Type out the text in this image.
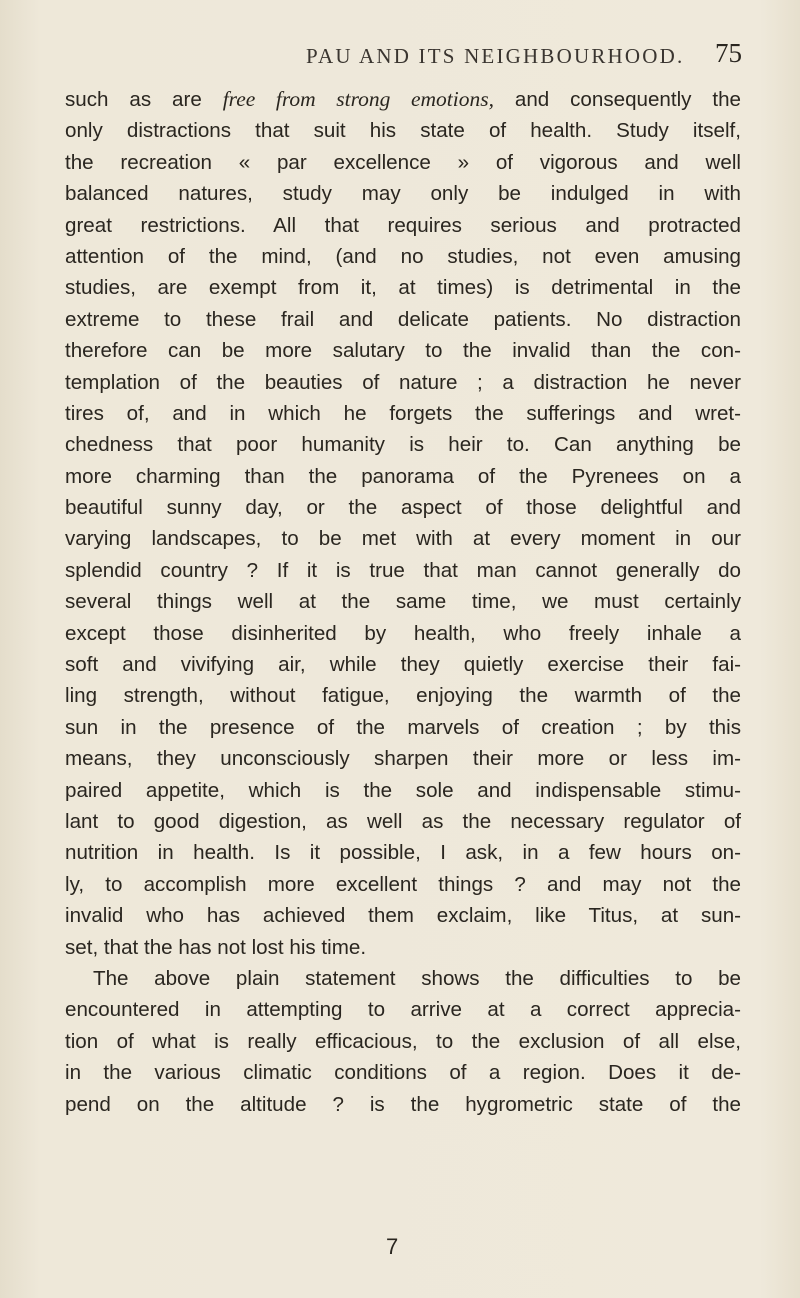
PAU AND ITS NEIGHBOURHOOD. 75
such as are free from strong emotions, and consequently the
only distractions that suit his state of health. Study itself,
the recreation « par excellence » of vigorous and well
balanced natures, study may only be indulged in with
great restrictions. All that requires serious and protracted
attention of the mind, (and no studies, not even amusing
studies, are exempt from it, at times) is detrimental in the
extreme to these frail and delicate patients. No distraction
therefore can be more salutary to the invalid than the con-
templation of the beauties of nature ; a distraction he never
tires of, and in which he forgets the sufferings and wret-
chedness that poor humanity is heir to. Can anything be
more charming than the panorama of the Pyrenees on a
beautiful sunny day, or the aspect of those delightful and
varying landscapes, to be met with at every moment in our
splendid country ? If it is true that man cannot generally do
several things well at the same time, we must certainly
except those disinherited by health, who freely inhale a
soft and vivifying air, while they quietly exercise their fai-
ling strength, without fatigue, enjoying the warmth of the
sun in the presence of the marvels of creation ; by this
means, they unconsciously sharpen their more or less im-
paired appetite, which is the sole and indispensable stimu-
lant to good digestion, as well as the necessary regulator of
nutrition in health. Is it possible, I ask, in a few hours on-
ly, to accomplish more excellent things ? and may not the
invalid who has achieved them exclaim, like Titus, at sun-
set, that the has not lost his time.
The above plain statement shows the difficulties to be
encountered in attempting to arrive at a correct apprecia-
tion of what is really efficacious, to the exclusion of all else,
in the various climatic conditions of a region. Does it de-
pend on the altitude ? is the hygrometric state of the
7
